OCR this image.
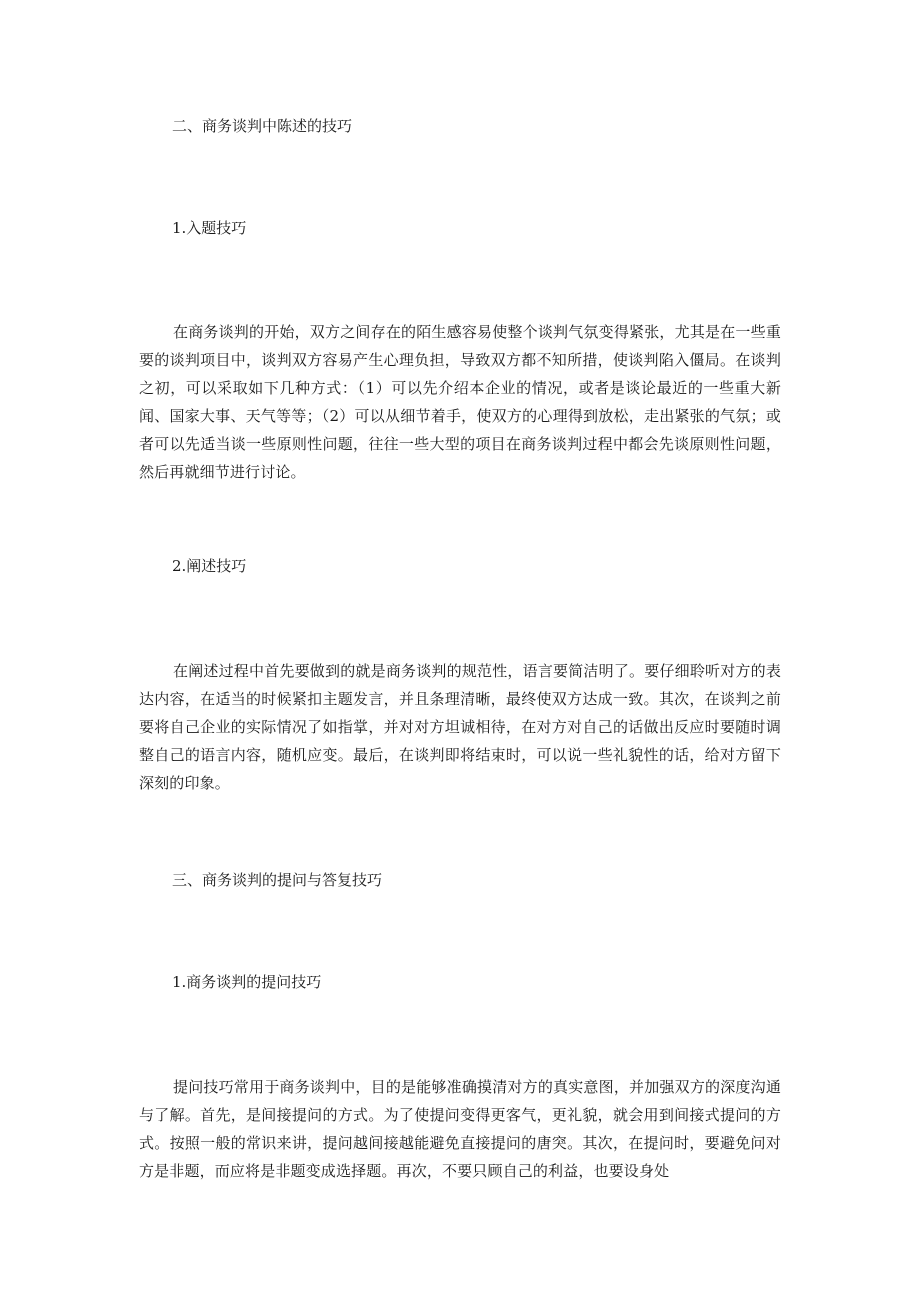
二、商务谈判中陈述的技巧
1.入题技巧
在商务谈判的开始，双方之间存在的陌生感容易使整个谈判气氛变得紧张，尤其是在一些重要的谈判项目中，谈判双方容易产生心理负担，导致双方都不知所措，使谈判陷入僵局。在谈判之初，可以采取如下几种方式：（1）可以先介绍本企业的情况，或者是谈论最近的一些重大新闻、国家大事、天气等等；（2）可以从细节着手，使双方的心理得到放松，走出紧张的气氛；或者可以先适当谈一些原则性问题，往往一些大型的项目在商务谈判过程中都会先谈原则性问题，然后再就细节进行讨论。
2.阐述技巧
在阐述过程中首先要做到的就是商务谈判的规范性，语言要简洁明了。要仔细聆听对方的表达内容，在适当的时候紧扣主题发言，并且条理清晰，最终使双方达成一致。其次，在谈判之前要将自己企业的实际情况了如指掌，并对对方坦诚相待，在对方对自己的话做出反应时要随时调整自己的语言内容，随机应变。最后，在谈判即将结束时，可以说一些礼貌性的话，给对方留下深刻的印象。
三、商务谈判的提问与答复技巧
1.商务谈判的提问技巧
提问技巧常用于商务谈判中，目的是能够准确摸清对方的真实意图，并加强双方的深度沟通与了解。首先，是间接提问的方式。为了使提问变得更客气，更礼貌，就会用到间接式提问的方式。按照一般的常识来讲，提问越间接越能避免直接提问的唐突。其次，在提问时，要避免问对方是非题，而应将是非题变成选择题。再次，不要只顾自己的利益，也要设身处
